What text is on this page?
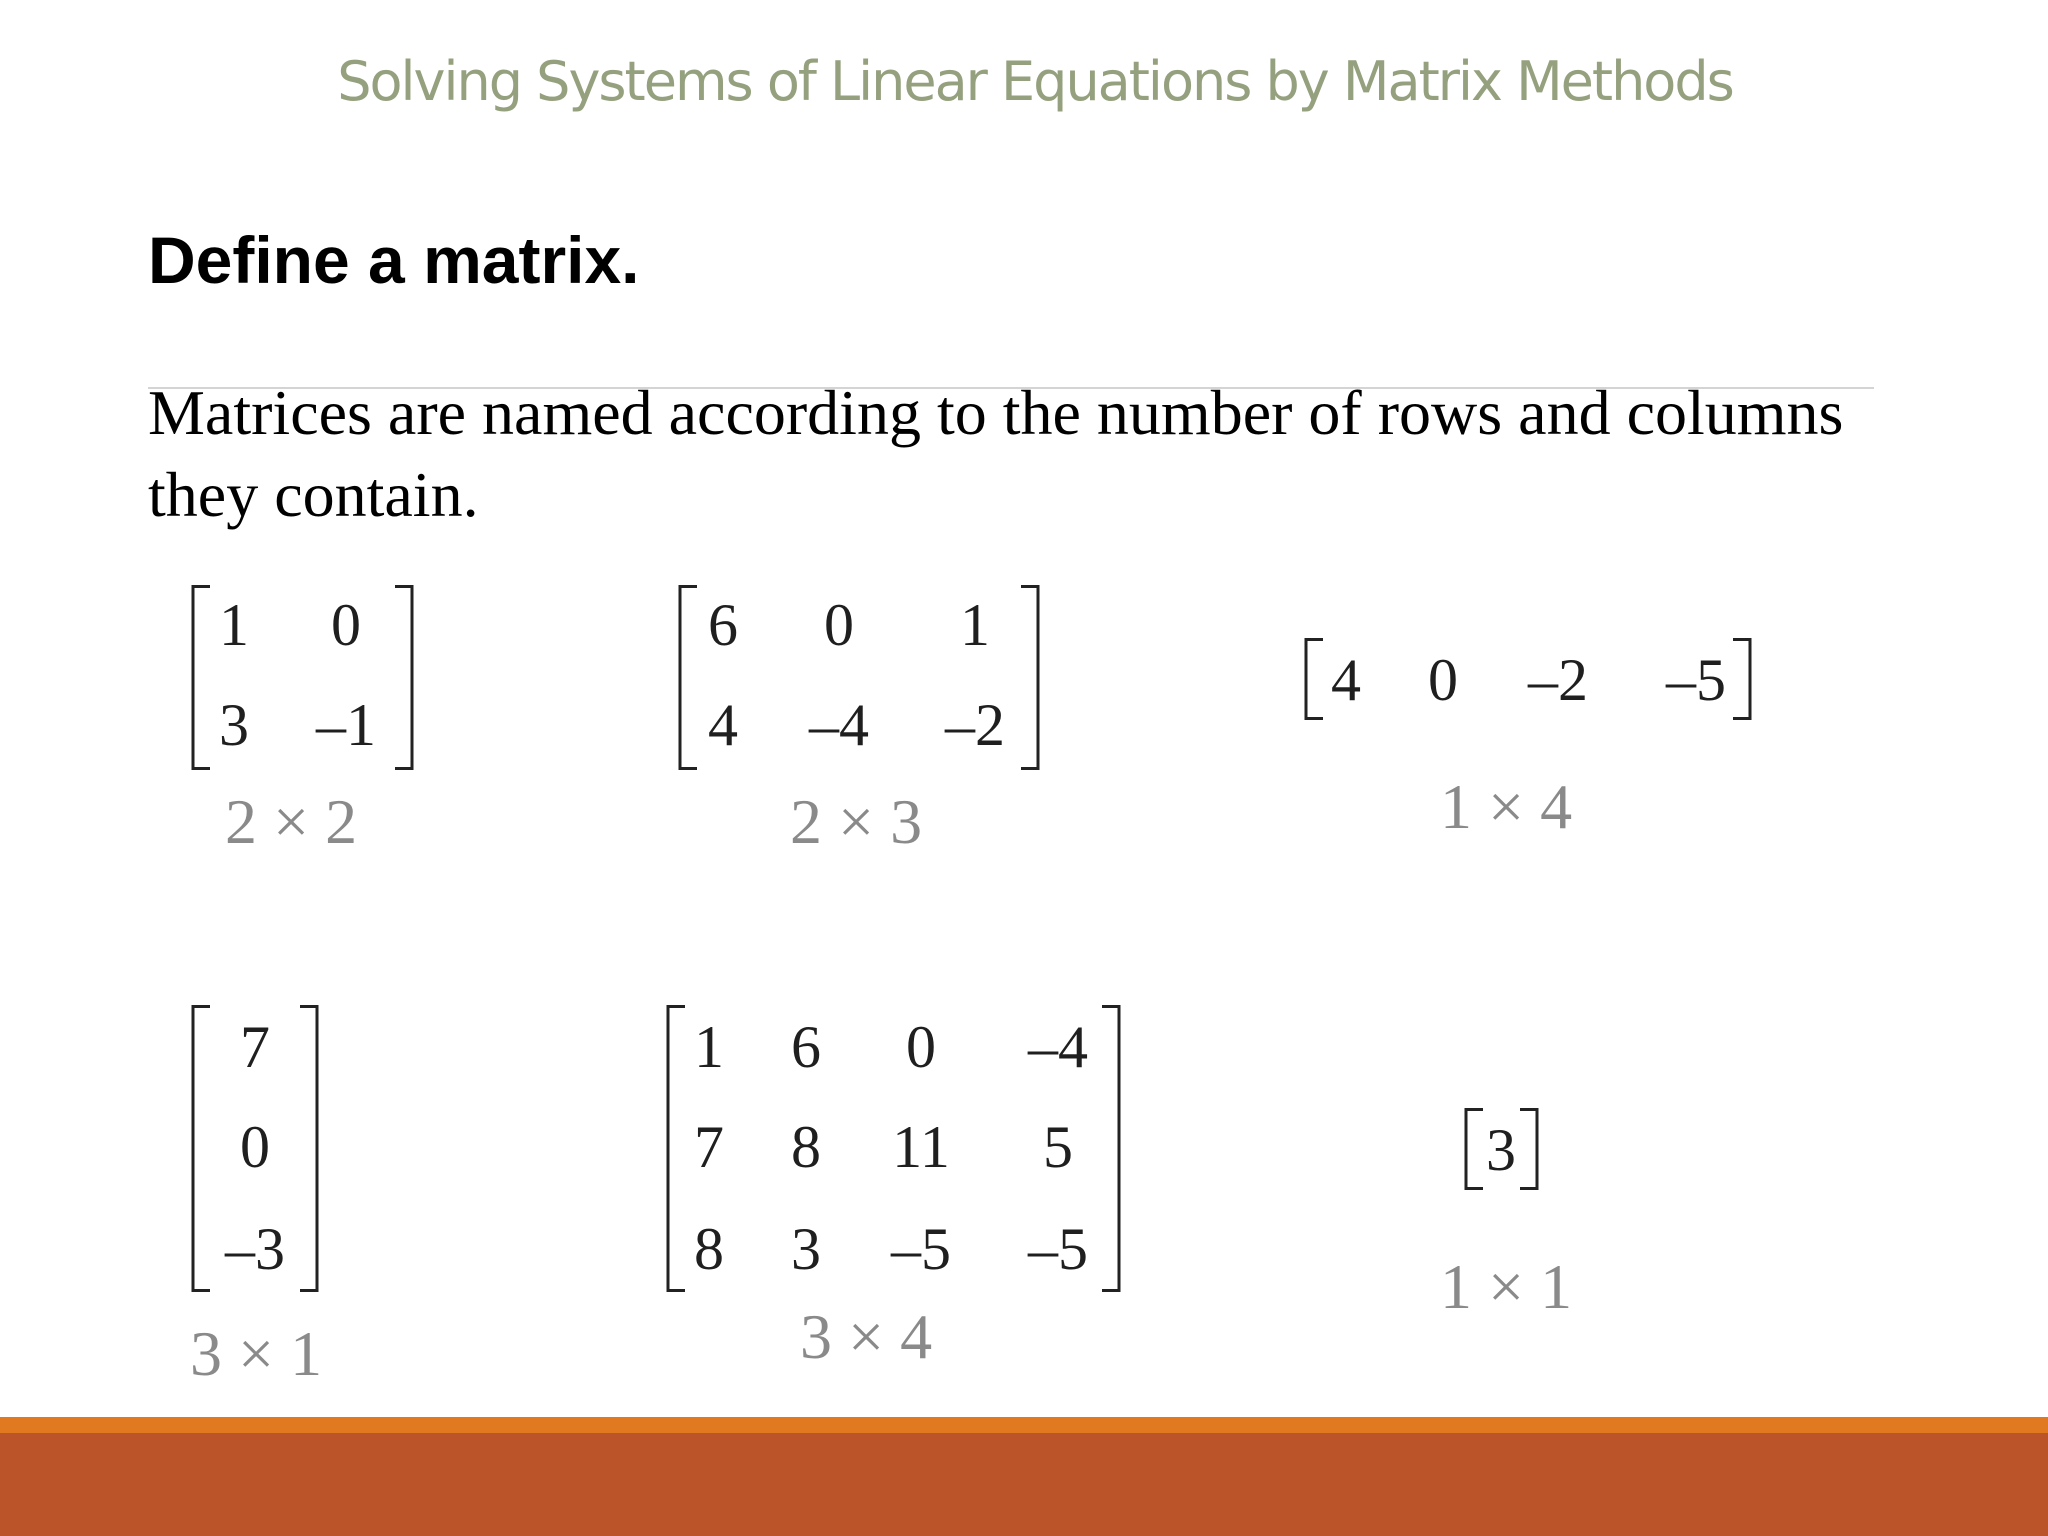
Solving Systems of Linear Equations by Matrix Methods
Define a matrix.
Matrices are named according to the number of rows and columns they contain.
1 0
3 –1
2 × 2
6 0 1
4 –4 –2
2 × 3
4 0 –2 –5
1 × 4
7
0
–3
3 × 1
1 6 0 –4
7 8 11 5
8 3 –5 –5
3 × 4
3
1 × 1
